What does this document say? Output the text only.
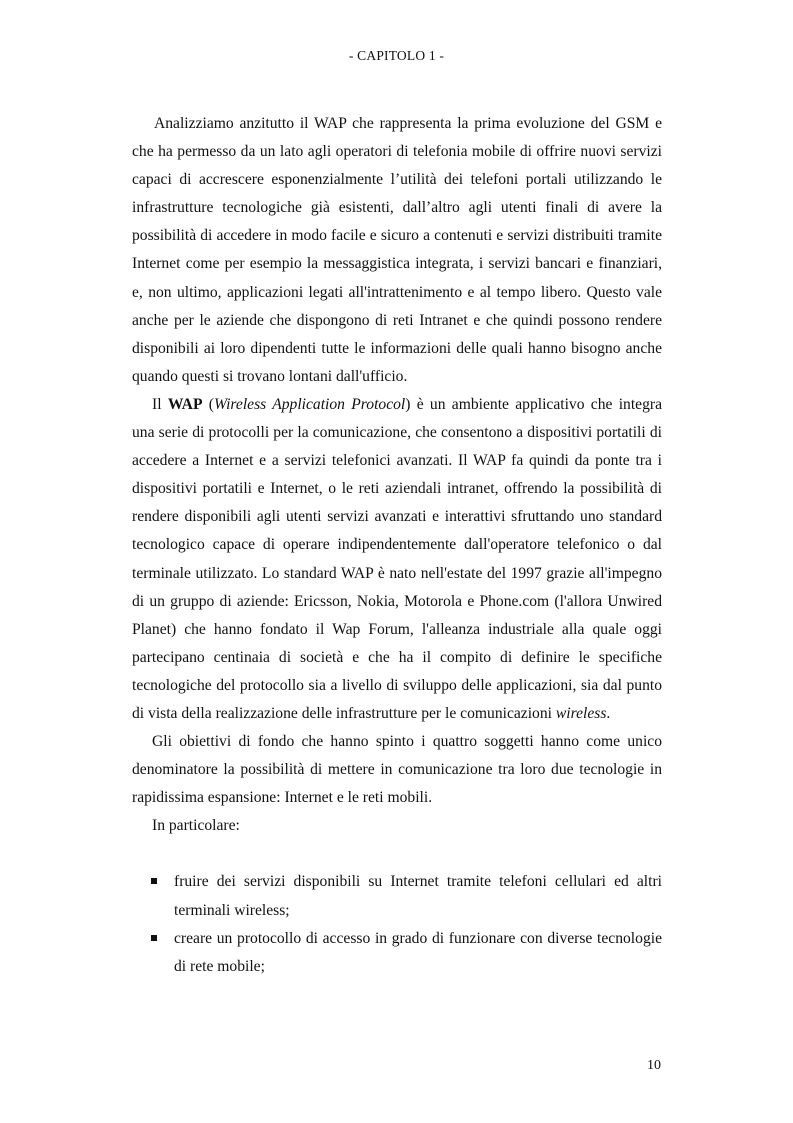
- CAPITOLO 1 -

Analizziamo anzitutto il WAP che rappresenta la prima evoluzione del GSM e che ha permesso da un lato agli operatori di telefonia mobile di offrire nuovi servizi capaci di accrescere esponenzialmente l’utilità dei telefoni portali utilizzando le infrastrutture tecnologiche già esistenti, dall’altro agli utenti finali di avere la possibilità di accedere in modo facile e sicuro a contenuti e servizi distribuiti tramite Internet come per esempio la messaggistica integrata, i servizi bancari e finanziari, e, non ultimo, applicazioni legati all'intrattenimento e al tempo libero. Questo vale anche per le aziende che dispongono di reti Intranet e che quindi possono rendere disponibili ai loro dipendenti tutte le informazioni delle quali hanno bisogno anche quando questi si trovano lontani dall'ufficio.

Il WAP (Wireless Application Protocol) è un ambiente applicativo che integra una serie di protocolli per la comunicazione, che consentono a dispositivi portatili di accedere a Internet e a servizi telefonici avanzati. Il WAP fa quindi da ponte tra i dispositivi portatili e Internet, o le reti aziendali intranet, offrendo la possibilità di rendere disponibili agli utenti servizi avanzati e interattivi sfruttando uno standard tecnologico capace di operare indipendentemente dall'operatore telefonico o dal terminale utilizzato. Lo standard WAP è nato nell'estate del 1997 grazie all'impegno di un gruppo di aziende: Ericsson, Nokia, Motorola e Phone.com (l'allora Unwired Planet) che hanno fondato il Wap Forum, l'alleanza industriale alla quale oggi partecipano centinaia di società e che ha il compito di definire le specifiche tecnologiche del protocollo sia a livello di sviluppo delle applicazioni, sia dal punto di vista della realizzazione delle infrastrutture per le comunicazioni wireless.

Gli obiettivi di fondo che hanno spinto i quattro soggetti hanno come unico denominatore la possibilità di mettere in comunicazione tra loro due tecnologie in rapidissima espansione: Internet e le reti mobili.

In particolare:

fruire dei servizi disponibili su Internet tramite telefoni cellulari ed altri terminali wireless;
creare un protocollo di accesso in grado di funzionare con diverse tecnologie di rete mobile;
10
